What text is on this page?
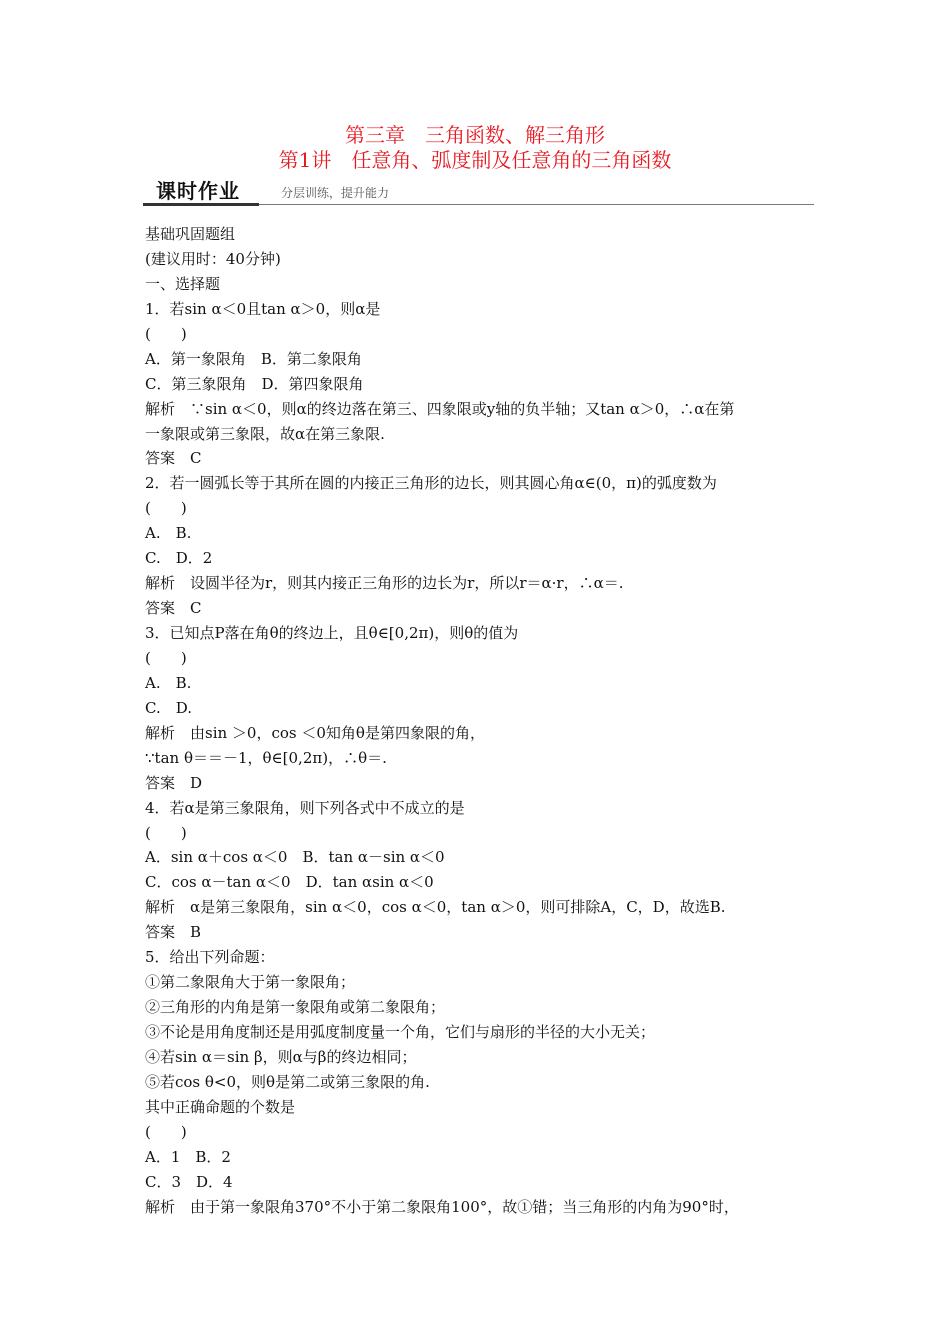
第三章　三角函数、解三角形
第1讲　任意角、弧度制及任意角的三角函数
课时作业	分层训练，提升能力
基础巩固题组
(建议用时：40分钟)
一、选择题
1．若sin α＜0且tan α＞0，则α是
(　　)
A．第一象限角　B．第二象限角
C．第三象限角　D．第四象限角
解析　∵sin α＜0，则α的终边落在第三、四象限或y轴的负半轴；又tan α＞0，∴α在第
一象限或第三象限，故α在第三象限.
答案　C
2．若一圆弧长等于其所在圆的内接正三角形的边长，则其圆心角α∈(0，π)的弧度数为
(　　)
A.　B.
C.　D．2
解析　设圆半径为r，则其内接正三角形的边长为r，所以r＝α·r，∴α＝.
答案　C
3．已知点P落在角θ的终边上，且θ∈[0,2π)，则θ的值为
(　　)
A.　B.
C.　D.
解析　由sin ＞0，cos ＜0知角θ是第四象限的角，
∵tan θ＝＝－1，θ∈[0,2π)，∴θ＝.
答案　D
4．若α是第三象限角，则下列各式中不成立的是
(　　)
A．sin α＋cos α＜0　B．tan α－sin α＜0
C．cos α－tan α＜0　D．tan αsin α＜0
解析　α是第三象限角，sin α＜0，cos α＜0，tan α＞0，则可排除A，C，D，故选B.
答案　B
5．给出下列命题：
①第二象限角大于第一象限角；
②三角形的内角是第一象限角或第二象限角；
③不论是用角度制还是用弧度制度量一个角，它们与扇形的半径的大小无关；
④若sin α＝sin β，则α与β的终边相同；
⑤若cos θ<0，则θ是第二或第三象限的角.
其中正确命题的个数是
(　　)
A．1　B．2
C．3　D．4
解析　由于第一象限角370°不小于第二象限角100°，故①错；当三角形的内角为90°时，
